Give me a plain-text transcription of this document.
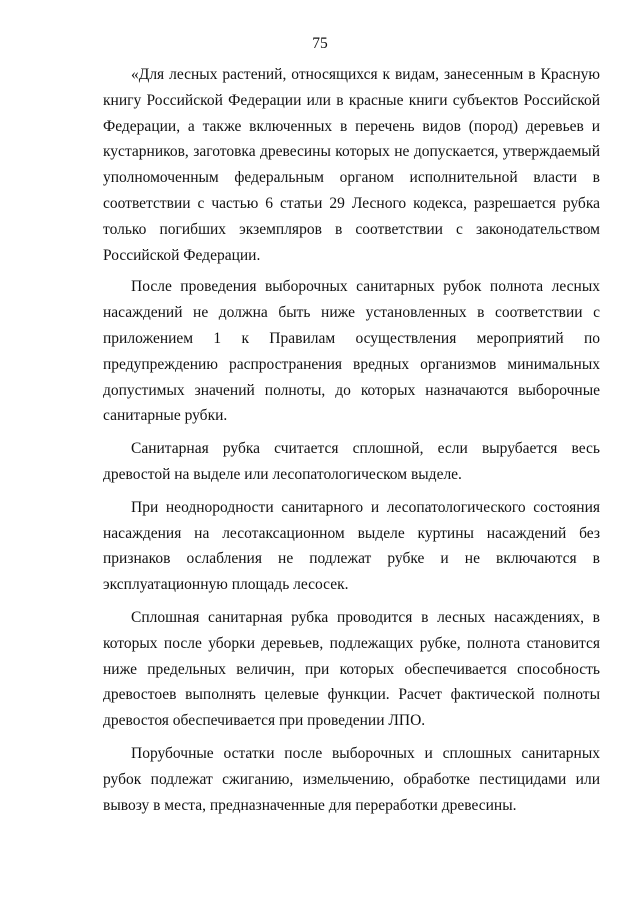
75

«Для лесных растений, относящихся к видам, занесенным в Красную книгу Российской Федерации или в красные книги субъектов Российской Федерации, а также включенных в перечень видов (пород) деревьев и кустарников, заготовка древесины которых не допускается, утверждаемый уполномоченным федеральным органом исполнительной власти в соответствии с частью 6 статьи 29 Лесного кодекса, разрешается рубка только погибших экземпляров в соответствии с законодательством Российской Федерации.

После проведения выборочных санитарных рубок полнота лесных насаждений не должна быть ниже установленных в соответствии с приложением 1 к Правилам осуществления мероприятий по предупреждению распространения вредных организмов минимальных допустимых значений полноты, до которых назначаются выборочные санитарные рубки.

Санитарная рубка считается сплошной, если вырубается весь древостой на выделе или лесопатологическом выделе.

При неоднородности санитарного и лесопатологического состояния насаждения на лесотаксационном выделе куртины насаждений без признаков ослабления не подлежат рубке и не включаются в эксплуатационную площадь лесосек.

Сплошная санитарная рубка проводится в лесных насаждениях, в которых после уборки деревьев, подлежащих рубке, полнота становится ниже предельных величин, при которых обеспечивается способность древостоев выполнять целевые функции. Расчет фактической полноты древостоя обеспечивается при проведении ЛПО.

Порубочные остатки после выборочных и сплошных санитарных рубок подлежат сжиганию, измельчению, обработке пестицидами или вывозу в места, предназначенные для переработки древесины.
